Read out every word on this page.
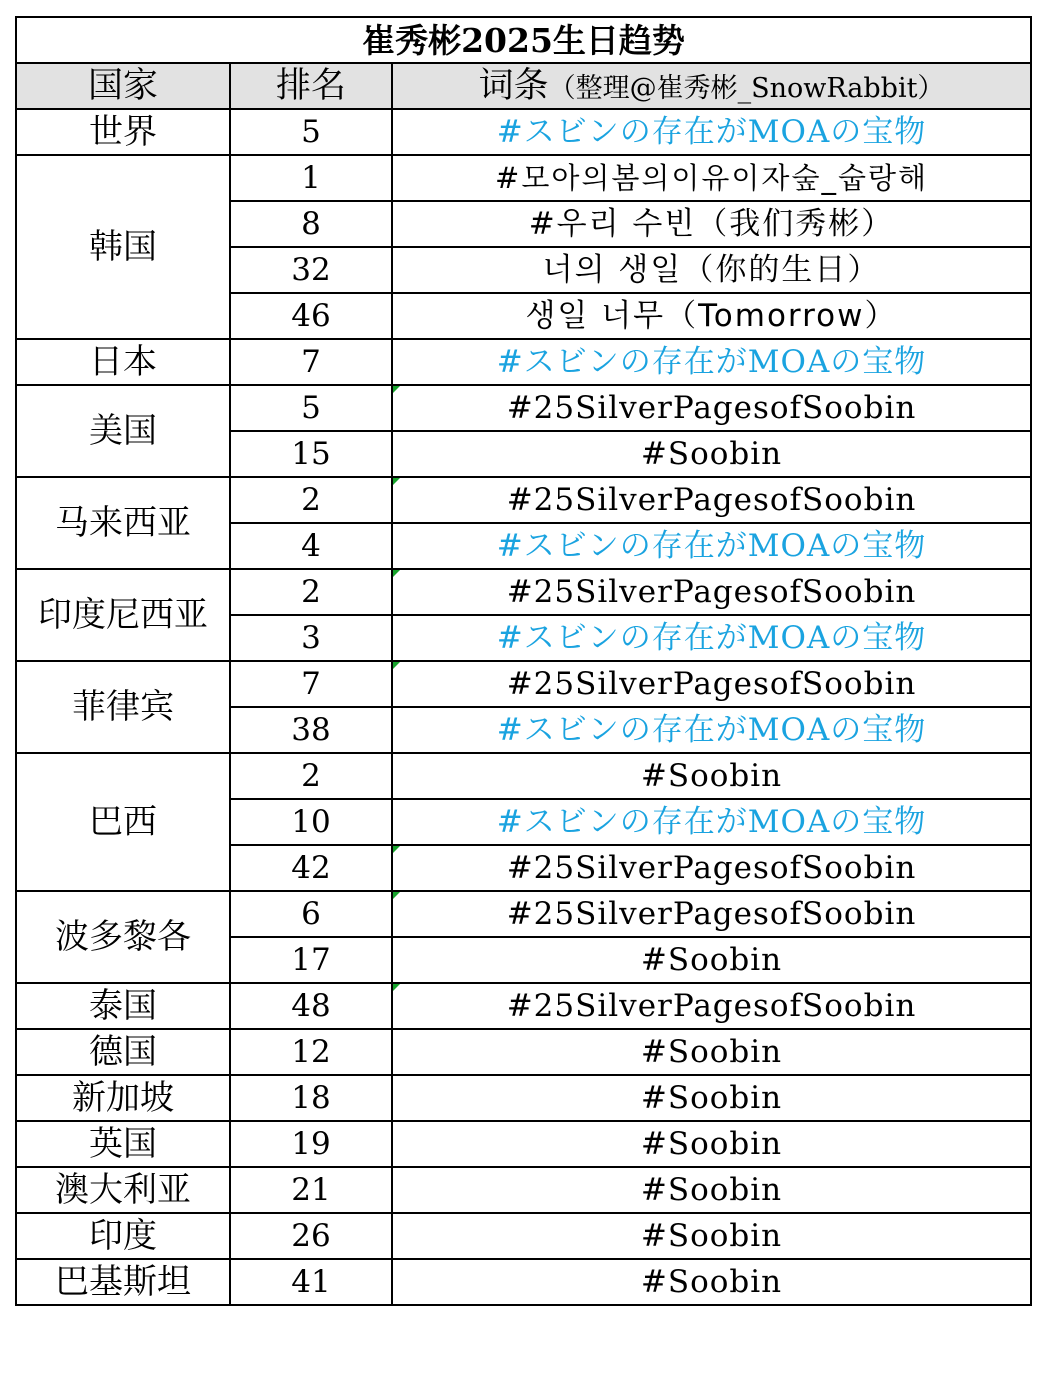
崔秀彬2025生日趋势		
国家	排名	词条（整理@崔秀彬_SnowRabbit）
世界	5	#スビンの存在がMOAの宝物
韩国	1	#모아의봄의이유이자숲_숩랑해
	8	#우리 수빈（我们秀彬）
	32	너의 생일（你的生日）
	46	생일 너무（Tomorrow）
日本	7	#スビンの存在がMOAの宝物
美国	5	#25SilverPagesofSoobin
	15	#Soobin
马来西亚	2	#25SilverPagesofSoobin
	4	#スビンの存在がMOAの宝物
印度尼西亚	2	#25SilverPagesofSoobin
	3	#スビンの存在がMOAの宝物
菲律宾	7	#25SilverPagesofSoobin
	38	#スビンの存在がMOAの宝物
巴西	2	#Soobin
	10	#スビンの存在がMOAの宝物
	42	#25SilverPagesofSoobin
波多黎各	6	#25SilverPagesofSoobin
	17	#Soobin
泰国	48	#25SilverPagesofSoobin
德国	12	#Soobin
新加坡	18	#Soobin
英国	19	#Soobin
澳大利亚	21	#Soobin
印度	26	#Soobin
巴基斯坦	41	#Soobin
